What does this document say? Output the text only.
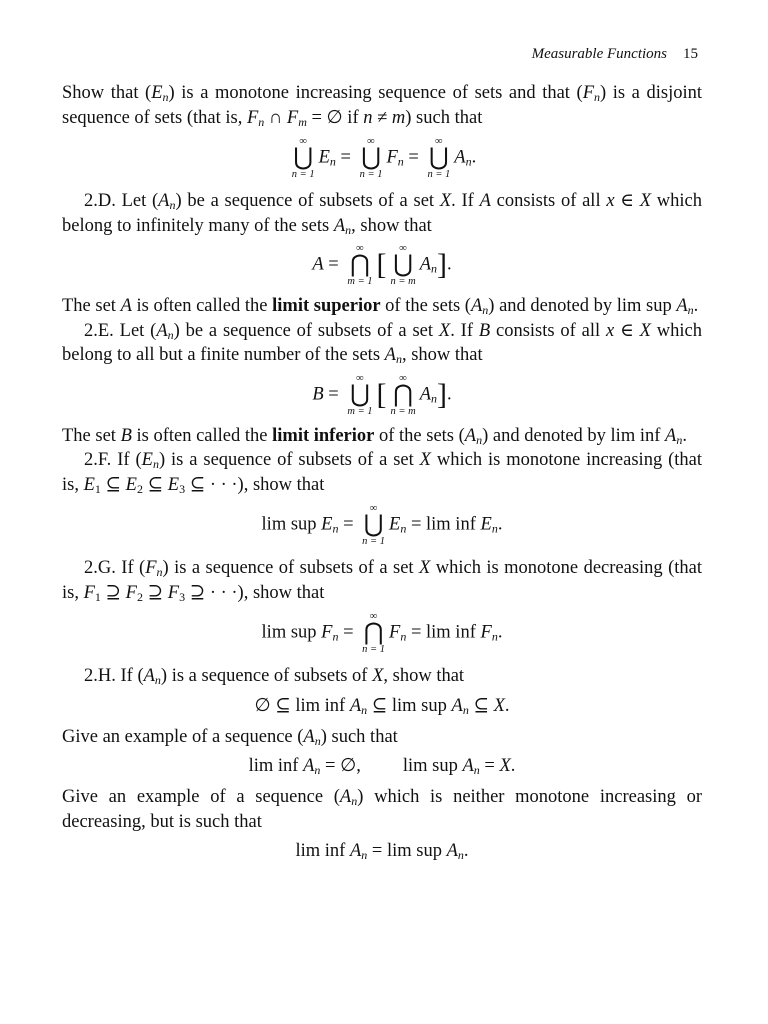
Measurable Functions 15

Show that $(E_n)$ is a monotone increasing sequence of sets and that $(F_n)$ is a disjoint sequence of sets (that is, $F_n$ ∩ $F_m$ = ∅ if n ≠ m) such that

∞
⋃
n = 1
$E_n$ =
∞
⋃
n = 1
$F_n$ =
∞
⋃
n = 1
$A_n$.

2.D. Let $(A_n)$ be a sequence of subsets of a set X. If A consists of all x ∈ X which belong to infinitely many of the sets $A_n$, show that

A =
∞
⋂
m = 1
[	∞
⋃
n = m
$A_n$].

The set A is often called the limit superior of the sets $(A_n)$ and denoted by lim sup $A_n$.

2.E. Let $(A_n)$ be a sequence of subsets of a set X. If B consists of all x ∈ X which belong to all but a finite number of the sets $A_n$, show that

B =
∞
⋃
m = 1
[	∞
⋂
n = m
$A_n$].

The set B is often called the limit inferior of the sets $(A_n)$ and denoted by lim inf $A_n$.

2.F. If $(E_n)$ is a sequence of subsets of a set X which is monotone increasing (that is, $E_1$ ⊆ $E_2$ ⊆ $E_3$ ⊆ · · ·), show that

lim sup $E_n$ =
∞
⋃
n = 1
$E_n = \lim$ inf $E_n$.

2.G. If $(F_n)$ is a sequence of subsets of a set X which is monotone decreasing (that is, $F_1$ ⊇ $F_2$ ⊇ $F_3$ ⊇ · · ·), show that

lim sup $F_n$ =
∞
⋂
n = 1
$F_n = \lim$ inf $F_n$.

2.H. If $(A_n)$ is a sequence of subsets of X, show that

∅ ⊆ lim inf $A_n$ ⊆ lim sup $A_n$ ⊆ X.

Give an example of a sequence $(A_n)$ such that

lim inf $A_n$ = ∅, lim sup $A_n = X$.

Give an example of a sequence $(A_n)$ which is neither monotone increasing or decreasing, but is such that

lim inf $A_n = \lim$ sup $A_n$.
